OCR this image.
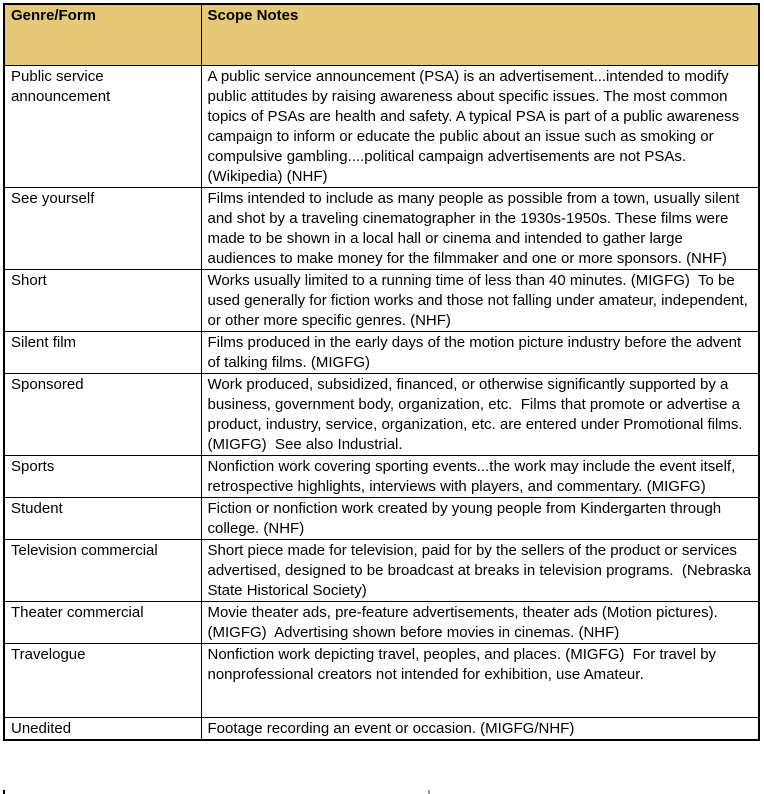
Genre/Form	Scope Notes
Public service announcement	A public service announcement (PSA) is an advertisement...intended to modify public attitudes by raising awareness about specific issues. The most common topics of PSAs are health and safety. A typical PSA is part of a public awareness campaign to inform or educate the public about an issue such as smoking or compulsive gambling....political campaign advertisements are not PSAs. (Wikipedia) (NHF)
See yourself	Films intended to include as many people as possible from a town, usually silent and shot by a traveling cinematographer in the 1930s-1950s. These films were made to be shown in a local hall or cinema and intended to gather large audiences to make money for the filmmaker and one or more sponsors. (NHF)
Short	Works usually limited to a running time of less than 40 minutes. (MIGFG)  To be used generally for fiction works and those not falling under amateur, independent, or other more specific genres. (NHF)
Silent film	Films produced in the early days of the motion picture industry before the advent of talking films. (MIGFG)
Sponsored	Work produced, subsidized, financed, or otherwise significantly supported by a business, government body, organization, etc.  Films that promote or advertise a product, industry, service, organization, etc. are entered under Promotional films. (MIGFG)  See also Industrial.
Sports	Nonfiction work covering sporting events...the work may include the event itself, retrospective highlights, interviews with players, and commentary. (MIGFG)
Student	Fiction or nonfiction work created by young people from Kindergarten through college. (NHF)
Television commercial	Short piece made for television, paid for by the sellers of the product or services advertised, designed to be broadcast at breaks in television programs.  (Nebraska State Historical Society)
Theater commercial	Movie theater ads, pre-feature advertisements, theater ads (Motion pictures). (MIGFG)  Advertising shown before movies in cinemas. (NHF)
Travelogue	Nonfiction work depicting travel, peoples, and places. (MIGFG)  For travel by nonprofessional creators not intended for exhibition, use Amateur.
Unedited	Footage recording an event or occasion. (MIGFG/NHF)
